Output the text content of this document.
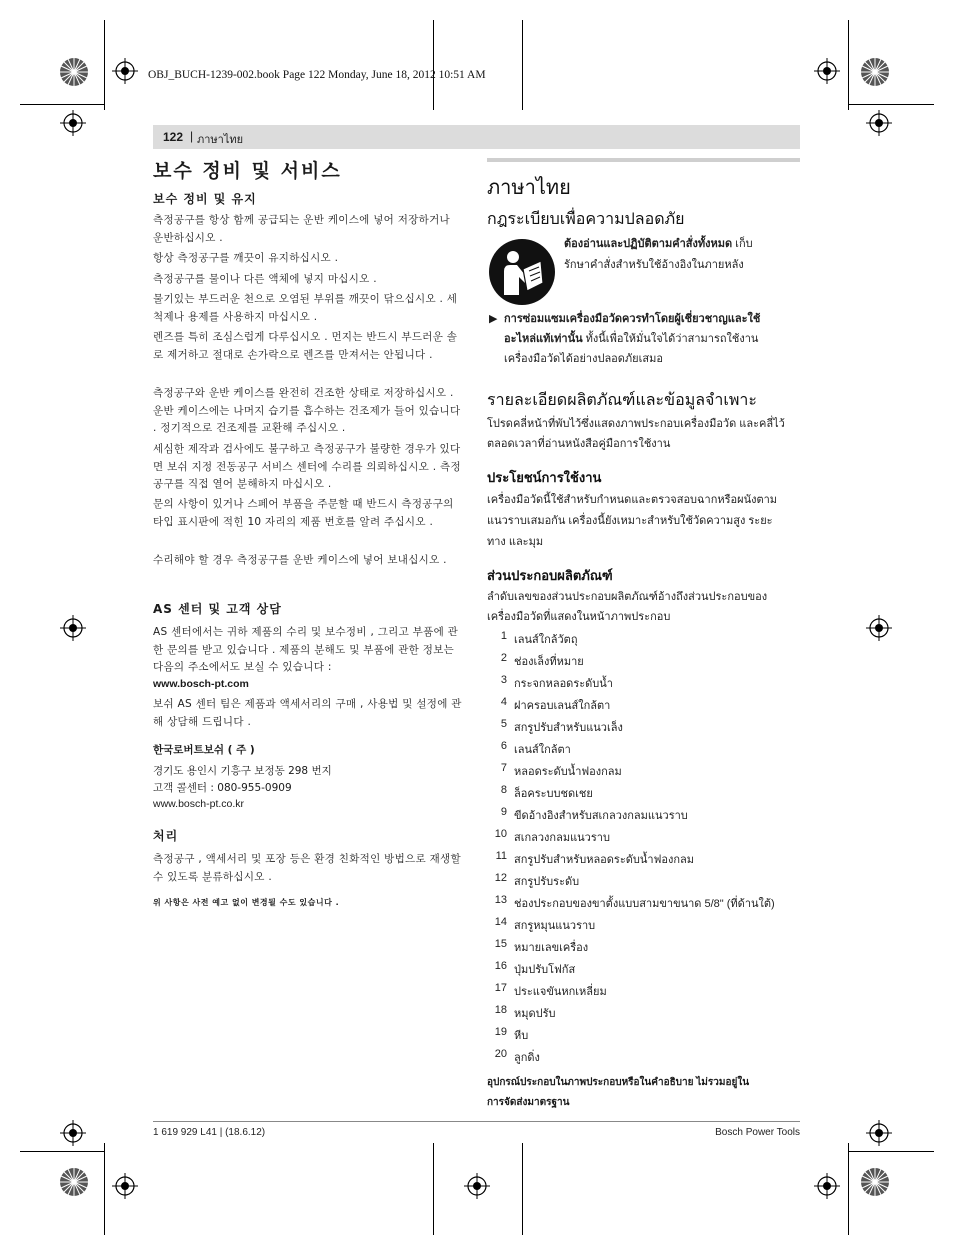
OBJ_BUCH-1239-002.book Page 122 Monday, June 18, 2012 10:51 AM
122 | ภาษาไทย
보수 정비 및 서비스
보수 정비 및 유지
측정공구를 항상 함께 공급되는 운반 케이스에 넣어 저장하거나 운반하십시오 .
항상 측정공구를 깨끗이 유지하십시오 .
측정공구를 물이나 다른 액체에 넣지 마십시오 .
물기있는 부드러운 천으로 오염된 부위를 깨끗이 닦으십시오 . 세척제나 용제를 사용하지 마십시오 .
렌즈를 특히 조심스럽게 다루십시오 . 먼지는 반드시 부드러운 솔로 제거하고 절대로 손가락으로 렌즈를 만져서는 안됩니다 .
측정공구와 운반 케이스를 완전히 건조한 상태로 저장하십시오 . 운반 케이스에는 나머지 습기를 흡수하는 건조제가 들어 있습니다 . 정기적으로 건조제를 교환해 주십시오 .
세심한 제작과 검사에도 불구하고 측정공구가 불량한 경우가 있다면 보쉬 지정 전동공구 서비스 센터에 수리를 의뢰하십시오 . 측정공구를 직접 열어 분해하지 마십시오 .
문의 사항이 있거나 스페어 부품을 주문할 때 반드시 측정공구의 타입 표시판에 적힌 10 자리의 제품 번호를 알려 주십시오 .
수리해야 할 경우 측정공구를 운반 케이스에 넣어 보내십시오 .
AS 센터 및 고객 상담
AS 센터에서는 귀하 제품의 수리 및 보수정비 , 그리고 부품에 관한 문의를 받고 있습니다 . 제품의 분해도 및 부품에 관한 정보는 다음의 주소에서도 보실 수 있습니다 :
www.bosch-pt.com
보쉬 AS 센터 팀은 제품과 액세서리의 구매 , 사용법 및 설정에 관해 상담해 드립니다 .
한국로버트보쉬 ( 주 )
경기도 용인시 기흥구 보정동 298 번지
고객 콜센터 : 080-955-0909
www.bosch-pt.co.kr
처리
측정공구 , 액세서리 및 포장 등은 환경 친화적인 방법으로 재생할 수 있도록 분류하십시오 .
위 사항은 사전 예고 없이 변경될 수도 있습니다 .
ภาษาไทย
กฎระเบียบเพื่อความปลอดภัย
ต้องอ่านและปฏิบัติตามคำสั่งทั้งหมด เก็บ
รักษาคำสั่งสำหรับใช้อ้างอิงในภายหลัง
▶ การซ่อมแซมเครื่องมือวัดควรทำโดยผู้เชี่ยวชาญและใช้
อะไหล่แท้เท่านั้น ทั้งนี้เพื่อให้มั่นใจได้ว่าสามารถใช้งาน
เครื่องมือวัดได้อย่างปลอดภัยเสมอ
รายละเอียดผลิตภัณฑ์และข้อมูลจำเพาะ
โปรดคลี่หน้าที่พับไว้ซึ่งแสดงภาพประกอบเครื่องมือวัด และคลี่ไว้
ตลอดเวลาที่อ่านหนังสือคู่มือการใช้งาน
ประโยชน์การใช้งาน
เครื่องมือวัดนี้ใช้สำหรับกำหนดและตรวจสอบฉากหรือผนังตาม
แนวราบเสมอกัน เครื่องนี้ยังเหมาะสำหรับใช้วัดความสูง ระยะ
ทาง และมุม
ส่วนประกอบผลิตภัณฑ์
ลำดับเลขของส่วนประกอบผลิตภัณฑ์อ้างถึงส่วนประกอบของ
เครื่องมือวัดที่แสดงในหน้าภาพประกอบ
1 เลนส์ใกล้วัตถุ
2 ช่องเล็งที่หมาย
3 กระจกหลอดระดับน้ำ
4 ฝาครอบเลนส์ใกล้ตา
5 สกรูปรับสำหรับแนวเล็ง
6 เลนส์ใกล้ตา
7 หลอดระดับน้ำฟองกลม
8 ล็อคระบบชดเชย
9 ขีดอ้างอิงสำหรับสเกลวงกลมแนวราบ
10 สเกลวงกลมแนวราบ
11 สกรูปรับสำหรับหลอดระดับน้ำฟองกลม
12 สกรูปรับระดับ
13 ช่องประกอบของขาตั้งแบบสามขาขนาด 5/8" (ที่ด้านใต้)
14 สกรูหมุนแนวราบ
15 หมายเลขเครื่อง
16 ปุ่มปรับโฟกัส
17 ประแจขันหกเหลี่ยม
18 หมุดปรับ
19 หีบ
20 ลูกดิ่ง
อุปกรณ์ประกอบในภาพประกอบหรือในคำอธิบาย ไม่รวมอยู่ใน
การจัดส่งมาตรฐาน
1 619 929 L41 | (18.6.12)	Bosch Power Tools
